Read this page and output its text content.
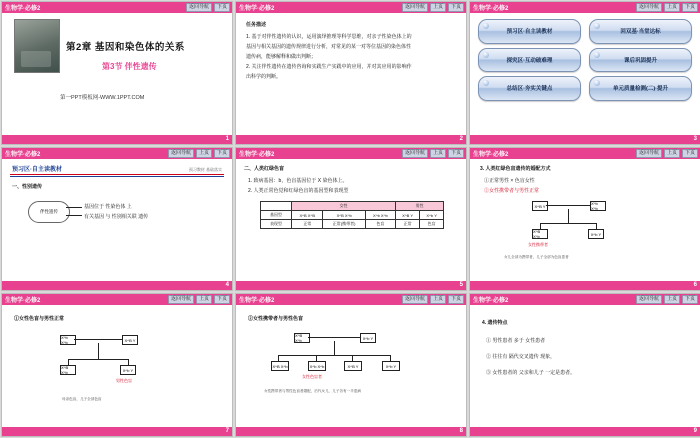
生物学·必修2	返回导航	下页
第2章 基因和染色体的关系
第3节 伴性遗传
第一PPT模板网-WWW.1PPT.COM
1
生物学·必修2	返回导航	上页	下页
任务描述
1. 基于对伴性遗传的认识，运用演绎推理等科学思维，对亲子性染色体上的
基因与相关基因的遗传规律进行分析，对常见的某一对等位基因的染色体性
遗传病，能够解释和做出判断；
2. 关注伴性遗传在遗传咨询和实践生产实践中的应用，并对其应用的影响作
出科学的判断。
2
生物学·必修2	返回导航	上页	下页
预习区·自主读教材	回双基·当堂达标
探究区·互动破难理	课后巩固提升
总结区·夯实关键点	单元质量检测(二)·提升
3
生物学·必修2	返回导航	上页	下页
预习区·自主读教材	预习教材 基础落实
一、性别遗传
伴性遗传
基因位于 性染色体 上
有关基因 与 性别相关联 遗传
4
生物学·必修2	返回导航	上页	下页
二、人类红绿色盲
1. 致病基因：b，色盲基因位于 X 染色体上。
2. 人类正常色觉和红绿色盲的基因型和表现型
	女性			男性	
基因型	X^B X^B	X^B X^b	X^b X^b	X^B Y	X^b Y
表现型	正常	正常(携带者)	色盲	正常	色盲
5
生物学·必修2	返回导航	上页	下页
3. 人类红绿色盲遗传的婚配方式
①正常男性 × 色盲女性
②女性携带者与男性正常
X^B Y	X^b X^b
X^B X^b	X^b Y
女性携带者
女儿全部为携带者，儿子全部为色盲患者
6
生物学·必修2	返回导航	上页	下页
①女性色盲与男性正常
X^b X^b	X^B Y
X^B X^b	X^b Y
男性色盲
母亲色盲，儿子全部色盲
7
生物学·必修2	返回导航	上页	下页
②女性携带者与男性色盲
X^B X^b	X^b Y
X^B X^b	X^b X^b	X^B Y	X^b Y
女性色盲者
女性携带者与男性色盲者婚配，后代女儿、儿子各有一半患病
8
生物学·必修2	返回导航	上页	下页
4. 遗传特点
① 男性患者 多于 女性患者
② 往往有 隔代交叉遗传 现象，
③ 女性患者的 父亲和儿子 一定是患者。
9
